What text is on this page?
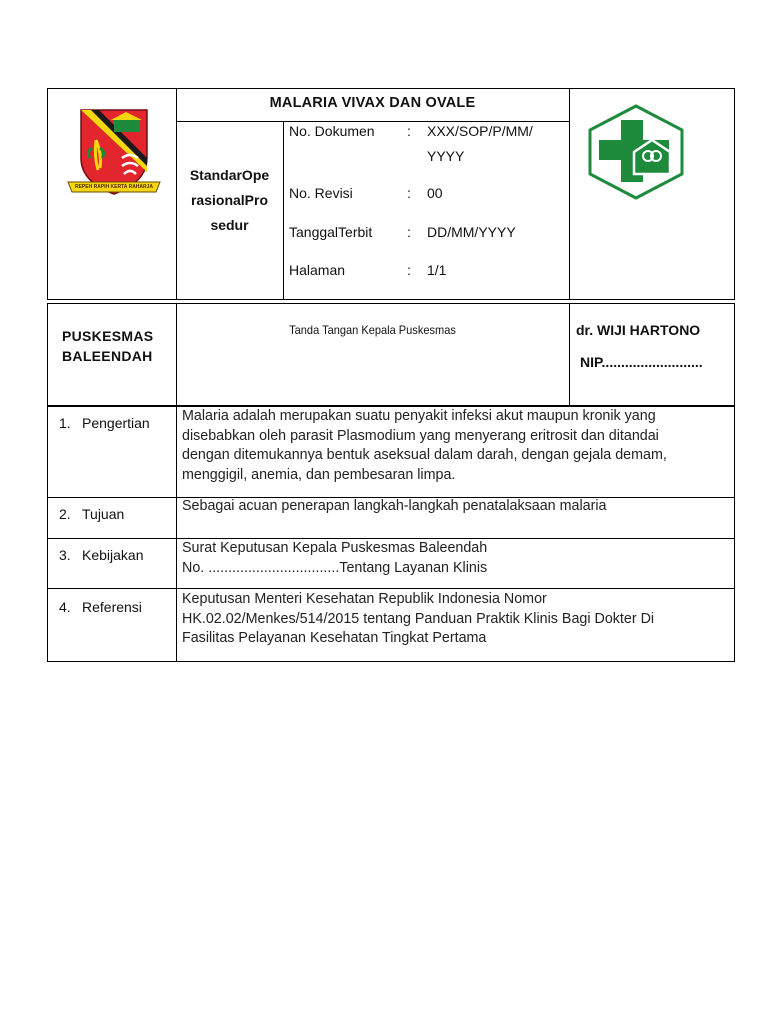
REPEH RAPIH KERTA RAHARJA
MALARIA VIVAX DAN OVALE
StandarOpe
rasionalPro
sedur
No. Dokumen : XXX/SOP/P/MM/
YYYY
No. Revisi	: 00
TanggalTerbit : DD/MM/YYYY
Halaman	: 1/1
PUSKESMAS
BALEENDAH
Tanda Tangan Kepala Puskesmas	dr. WIJI HARTONO
NIP..........................
1. Pengertian Malaria adalah merupakan suatu penyakit infeksi akut maupun kronik yang
disebabkan oleh parasit Plasmodium yang menyerang eritrosit dan ditandai
dengan ditemukannya bentuk aseksual dalam darah, dengan gejala demam,
menggigil, anemia, dan pembesaran limpa.
2. Tujuan	Sebagai acuan penerapan langkah-langkah penatalaksaan malaria
3. Kebijakan	Surat Keputusan Kepala Puskesmas Baleendah
No. .................................Tentang Layanan Klinis
4. Referensi	Keputusan Menteri Kesehatan Republik Indonesia Nomor
HK.02.02/Menkes/514/2015 tentang Panduan Praktik Klinis Bagi Dokter Di
Fasilitas Pelayanan Kesehatan Tingkat Pertama
